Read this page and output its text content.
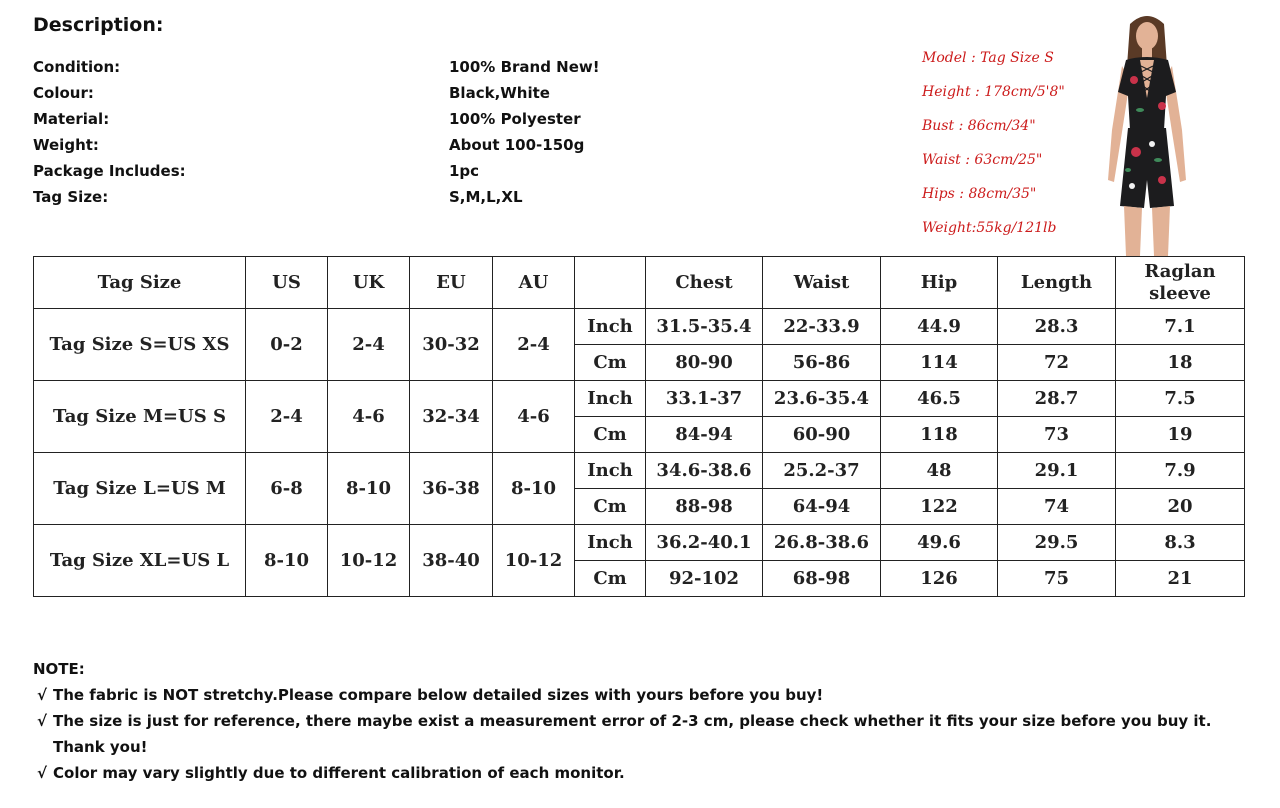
Description:
Condition:	100% Brand New!
Colour:	Black,White
Material:	100% Polyester
Weight:	About 100-150g
Package Includes:	1pc
Tag Size:	S,M,L,XL
Model : Tag Size S
Height : 178cm/5'8"
Bust : 86cm/34"
Waist : 63cm/25"
Hips : 88cm/35"
Weight:55kg/121lb
Tag Size	US	UK	EU	AU		Chest	Waist	Hip	Length	Raglan sleeve
Tag Size S=US XS	0-2	2-4	30-32	2-4	Inch	31.5-35.4	22-33.9	44.9	28.3	7.1
					Cm	80-90	56-86	114	72	18
Tag Size M=US S	2-4	4-6	32-34	4-6	Inch	33.1-37	23.6-35.4	46.5	28.7	7.5
					Cm	84-94	60-90	118	73	19
Tag Size L=US M	6-8	8-10	36-38	8-10	Inch	34.6-38.6	25.2-37	48	29.1	7.9
					Cm	88-98	64-94	122	74	20
Tag Size XL=US L	8-10	10-12	38-40	10-12	Inch	36.2-40.1	26.8-38.6	49.6	29.5	8.3
					Cm	92-102	68-98	126	75	21
NOTE:
√ The fabric is NOT stretchy.Please compare below detailed sizes with yours before you buy!
√ The size is just for reference, there maybe exist a measurement error of 2-3 cm, please check whether it fits your size before you buy it. Thank you!
√ Color may vary slightly due to different calibration of each monitor.
